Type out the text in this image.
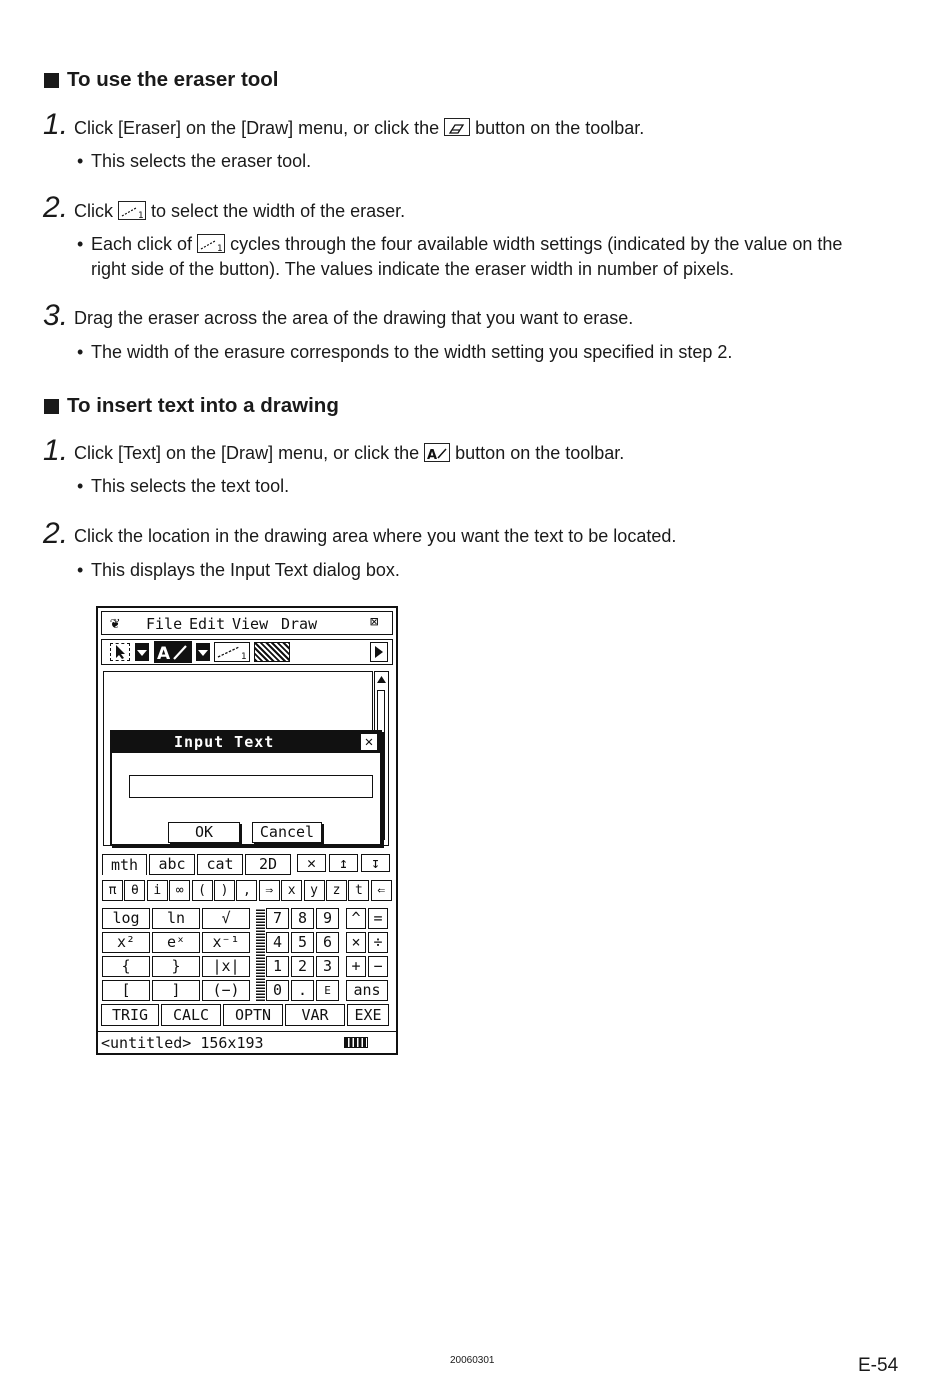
To use the eraser tool
1. Click [Eraser] on the [Draw] menu, or click the button on the toolbar.
• This selects the eraser tool.
2. Click	1 to select the width of the eraser.
• Each click of	1 cycles through the four available width settings (indicated by the value on the
right side of the button). The values indicate the eraser width in number of pixels.
3. Drag the eraser across the area of the drawing that you want to erase.
• The width of the erasure corresponds to the width setting you specified in step 2.
To insert text into a drawing
1. Click [Text] on the [Draw] menu, or click the A button on the toolbar.
• This selects the text tool.
2. Click the location in the drawing area where you want the text to be located.
• This displays the Input Text dialog box.
❦ File Edit View Draw	⊠
A	1
Input Text	✕
OK	Cancel
mth	abc	cat	2D	✕	↥	↧
π	θ	i	∞	(	)	,	⇒	x	y	z	t	⇐
log	ln	√
x²	eˣ	x⁻¹
{	}	|x|
[	]	(−)
7	8	9
4	5	6
1	2	3
0	.	E
^ =
× ÷
+ −
ans
TRIG	CALC	OPTN	VAR	EXE
<untitled> 156x193
20060301	E-54
